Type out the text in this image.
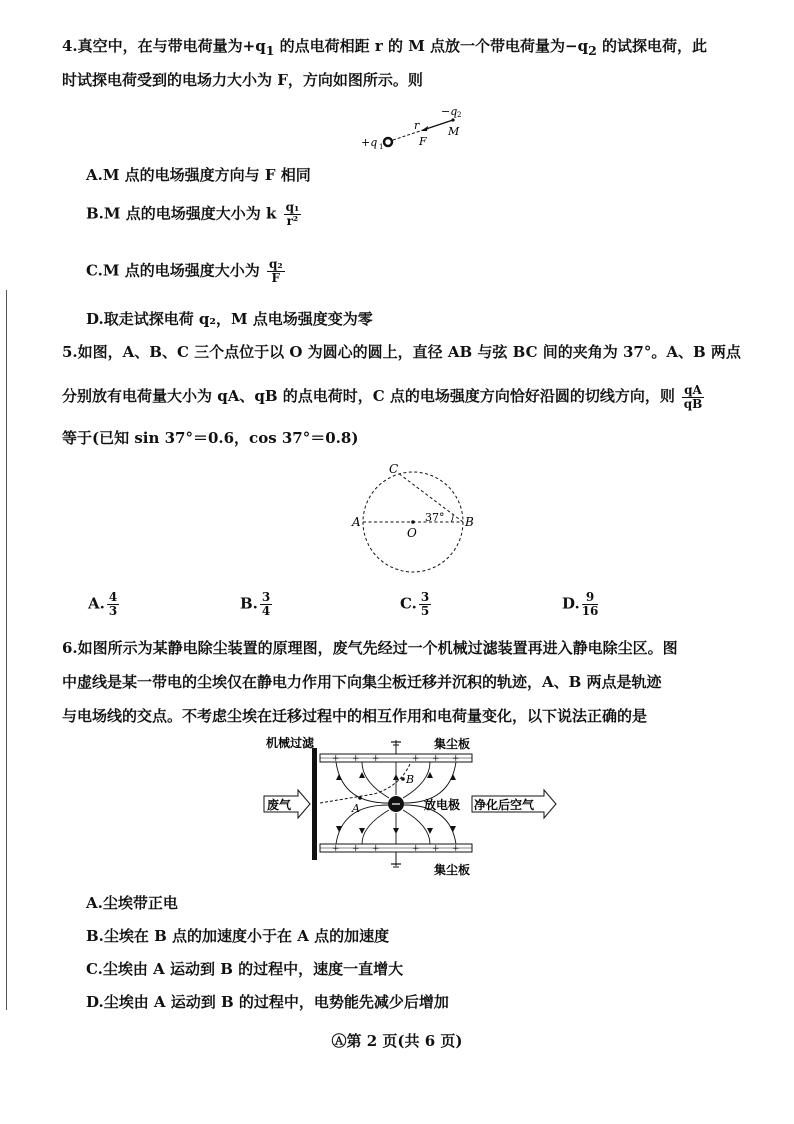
4.真空中，在与带电荷量为$+q_1$ 的点电荷相距 r 的 M 点放一个带电荷量为$-q_2$ 的试探电荷，此
时试探电荷受到的电场力大小为 F，方向如图所示。则
+q 1
−q 2
r
F
M
A.M 点的电场强度方向与 F 相同
B.M 点的电场强度大小为 k $\frac{\text{q₁}}{\text{r²}}$
C.M 点的电场强度大小为 $\frac{\text{q₂}}{F}$
D.取走试探电荷 q₂，M 点电场强度变为零
5.如图，A、B、C 三个点位于以 O 为圆心的圆上，直径 AB 与弦 BC 间的夹角为 37°。A、B 两点
分别放有电荷量大小为 qA、qB 的点电荷时，C 点的电场强度方向恰好沿圆的切线方向，则 $\frac{qA}{qB}$
等于(已知 sin 37°＝0.6，cos 37°＝0.8)
C
A	B
O
37°
A. $\frac{4}{3}$	B. $\frac{3}{4}$	C. $\frac{3}{5}$	D. $\frac{9}{16}$
6.如图所示为某静电除尘装置的原理图，废气先经过一个机械过滤装置再进入静电除尘区。图
中虚线是某一带电的尘埃仅在静电力作用下向集尘板迁移并沉积的轨迹，A、B 两点是轨迹
与电场线的交点。不考虑尘埃在迁移过程中的相互作用和电荷量变化，以下说法正确的是
+ + +	+ + +
+ + +	+ + +
机械过滤	集尘板
集尘板
废气	放电极 净化后空气
A
B
A.尘埃带正电
B.尘埃在 B 点的加速度小于在 A 点的加速度
C.尘埃由 A 运动到 B 的过程中，速度一直增大
D.尘埃由 A 运动到 B 的过程中，电势能先减少后增加
Ⓐ第 2 页(共 6 页)
